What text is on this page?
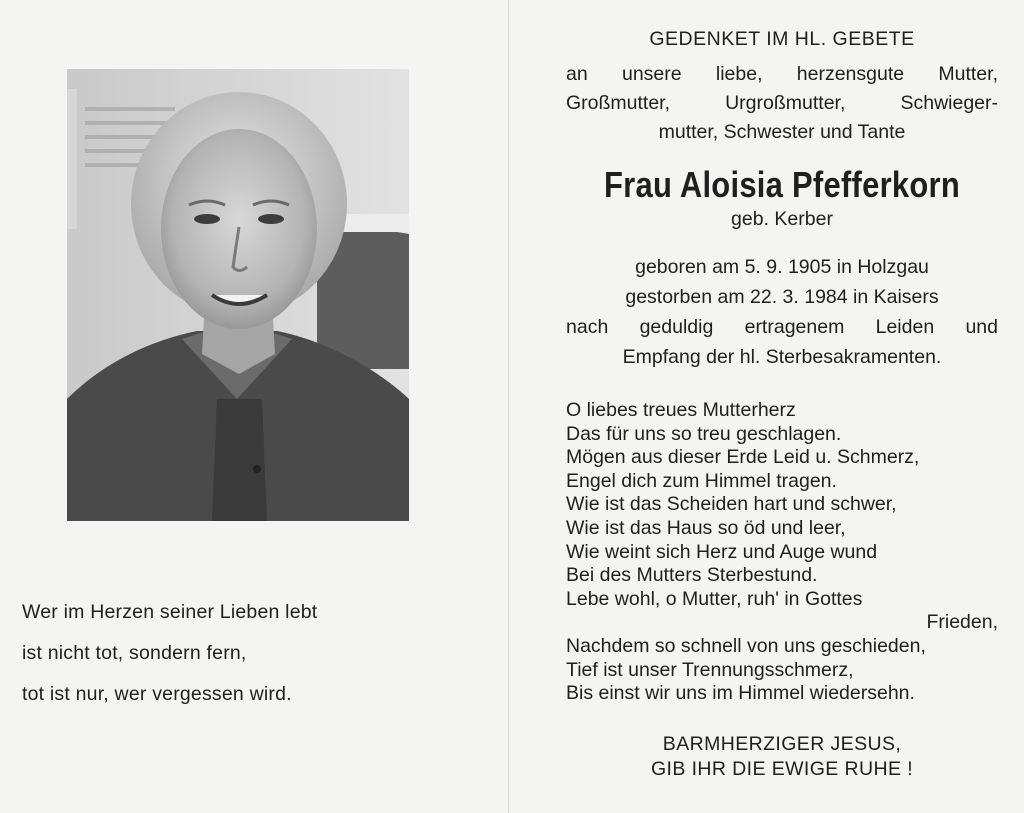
Wer im Herzen seiner Lieben lebt
ist nicht tot, sondern fern,
tot ist nur, wer vergessen wird.
GEDENKET IM HL. GEBETE
an unsere liebe, herzensgute Mutter,
Großmutter, Urgroßmutter, Schwieger-
mutter, Schwester und Tante
Frau Aloisia Pfefferkorn
geb. Kerber
geboren am 5. 9. 1905 in Holzgau
gestorben am 22. 3. 1984 in Kaisers
nach geduldig ertragenem Leiden und
Empfang der hl. Sterbesakramenten.
O liebes treues Mutterherz
Das für uns so treu geschlagen.
Mögen aus dieser Erde Leid u. Schmerz,
Engel dich zum Himmel tragen.
Wie ist das Scheiden hart und schwer,
Wie ist das Haus so öd und leer,
Wie weint sich Herz und Auge wund
Bei des Mutters Sterbestund.
Lebe wohl, o Mutter, ruh' in Gottes
Frieden,
Nachdem so schnell von uns geschieden,
Tief ist unser Trennungsschmerz,
Bis einst wir uns im Himmel wiedersehn.
BARMHERZIGER JESUS,
GIB IHR DIE EWIGE RUHE !
